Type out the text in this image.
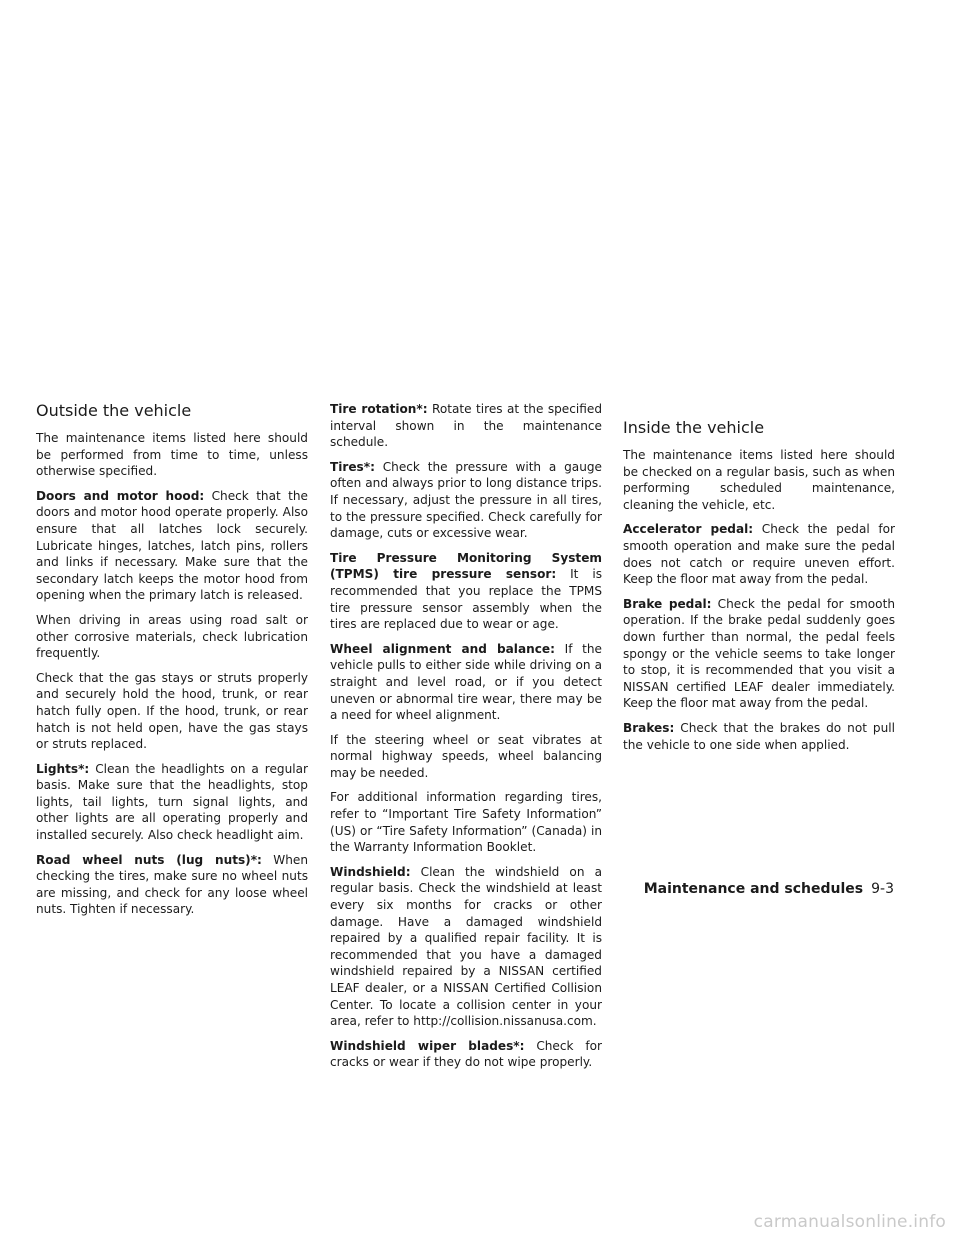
Outside the vehicle

The maintenance items listed here should be performed from time to time, unless otherwise specified.

Doors and motor hood: Check that the doors and motor hood operate properly. Also ensure that all latches lock securely. Lubricate hinges, latches, latch pins, rollers and links if necessary. Make sure that the secondary latch keeps the motor hood from opening when the primary latch is released.

When driving in areas using road salt or other corrosive materials, check lubrication frequently.

Check that the gas stays or struts properly and securely hold the hood, trunk, or rear hatch fully open. If the hood, trunk, or rear hatch is not held open, have the gas stays or struts replaced.

Lights*: Clean the headlights on a regular basis. Make sure that the headlights, stop lights, tail lights, turn signal lights, and other lights are all operating properly and installed securely. Also check headlight aim.

Road wheel nuts (lug nuts)*: When checking the tires, make sure no wheel nuts are missing, and check for any loose wheel nuts. Tighten if necessary.

Tire rotation*: Rotate tires at the specified interval shown in the maintenance schedule.

Tires*: Check the pressure with a gauge often and always prior to long distance trips. If necessary, adjust the pressure in all tires, to the pressure specified. Check carefully for damage, cuts or excessive wear.

Tire Pressure Monitoring System (TPMS) tire pressure sensor: It is recommended that you replace the TPMS tire pressure sensor assembly when the tires are replaced due to wear or age.

Wheel alignment and balance: If the vehicle pulls to either side while driving on a straight and level road, or if you detect uneven or abnormal tire wear, there may be a need for wheel alignment.

If the steering wheel or seat vibrates at normal highway speeds, wheel balancing may be needed.

For additional information regarding tires, refer to “Important Tire Safety Information” (US) or “Tire Safety Information” (Canada) in the Warranty Information Booklet.

Windshield: Clean the windshield on a regular basis. Check the windshield at least every six months for cracks or other damage. Have a damaged windshield repaired by a qualified repair facility. It is recommended that you have a damaged windshield repaired by a NISSAN certified LEAF dealer, or a NISSAN Certified Collision Center. To locate a collision center in your area, refer to http://collision.nissanusa.com.

Windshield wiper blades*: Check for cracks or wear if they do not wipe properly.

Inside the vehicle

The maintenance items listed here should be checked on a regular basis, such as when performing scheduled maintenance, cleaning the vehicle, etc.

Accelerator pedal: Check the pedal for smooth operation and make sure the pedal does not catch or require uneven effort. Keep the floor mat away from the pedal.

Brake pedal: Check the pedal for smooth operation. If the brake pedal suddenly goes down further than normal, the pedal feels spongy or the vehicle seems to take longer to stop, it is recommended that you visit a NISSAN certified LEAF dealer immediately. Keep the floor mat away from the pedal.

Brakes: Check that the brakes do not pull the vehicle to one side when applied.

Maintenance and schedules 9-3
carmanualsonline.info
